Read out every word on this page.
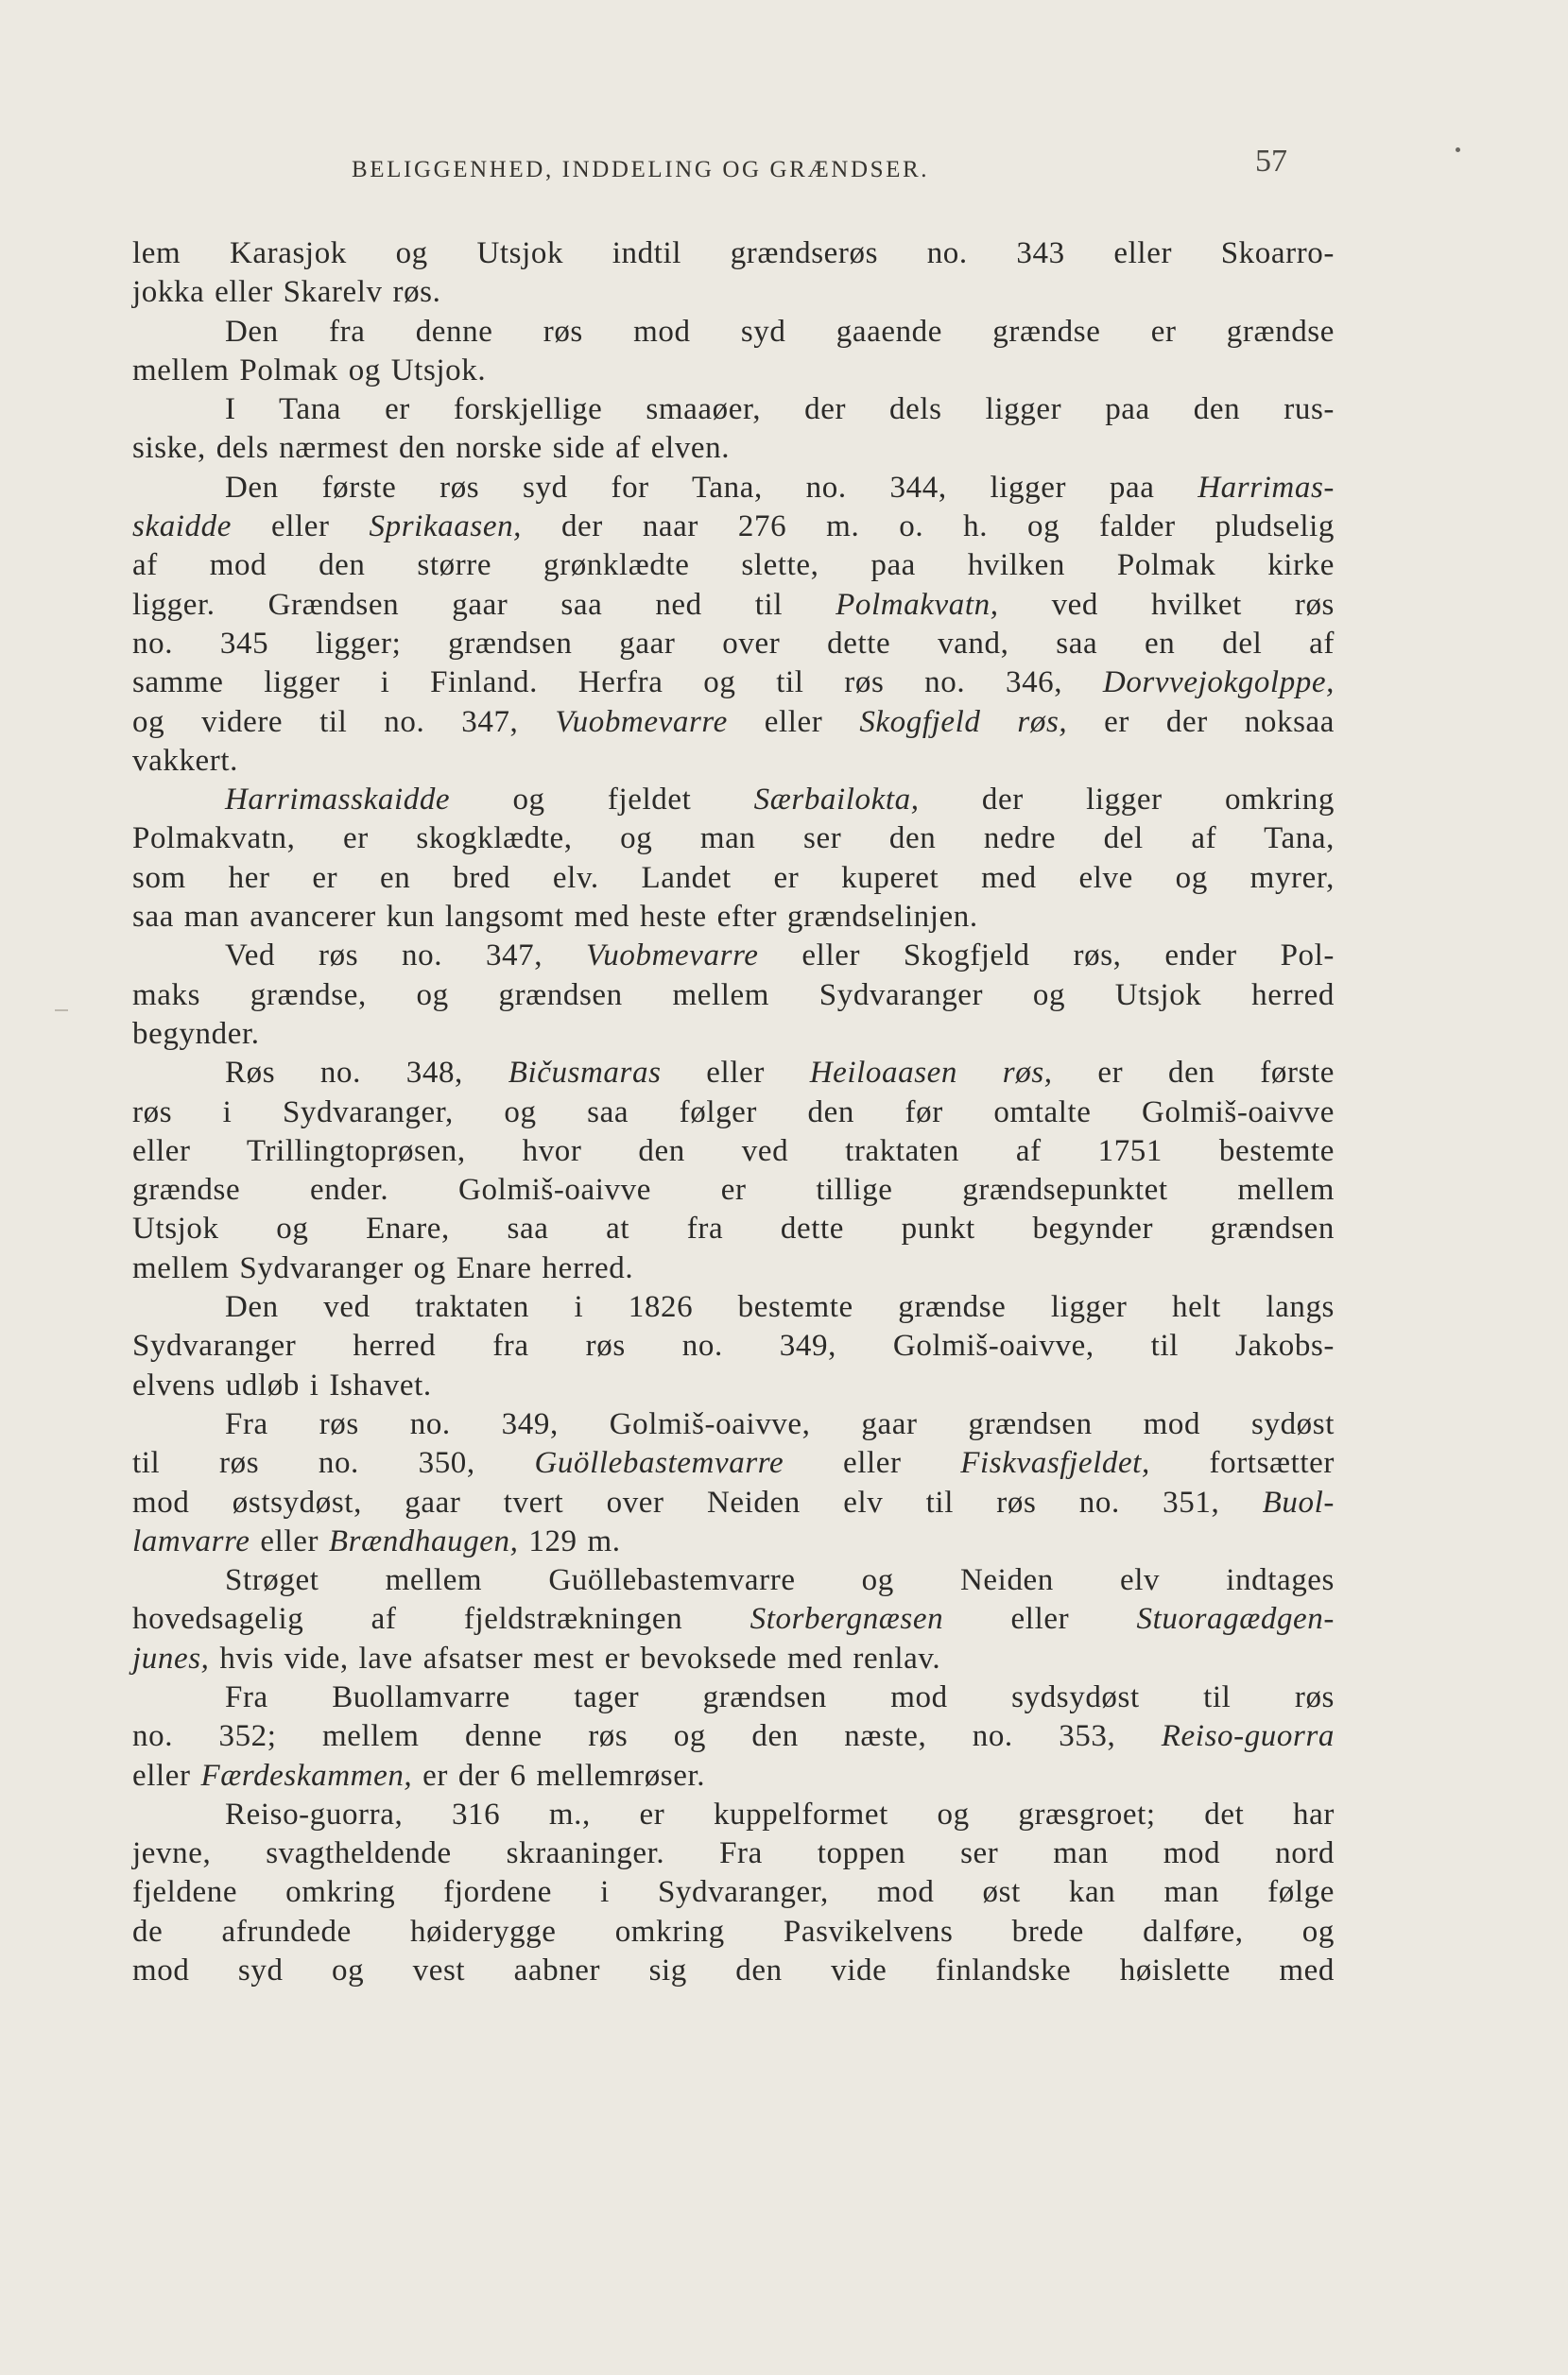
BELIGGENHED, INDDELING OG GRÆNDSER.	57
lem Karasjok og Utsjok indtil grændserøs no. 343 eller Skoarro-
jokka eller Skarelv røs.
Den fra denne røs mod syd gaaende grændse er grændse
mellem Polmak og Utsjok.
I Tana er forskjellige smaaøer, der dels ligger paa den rus-
siske, dels nærmest den norske side af elven.
Den første røs syd for Tana, no. 344, ligger paa Harrimas-
skaidde eller Sprikaasen, der naar 276 m. o. h. og falder pludselig
af mod den større grønklædte slette, paa hvilken Polmak kirke
ligger. Grændsen gaar saa ned til Polmakvatn, ved hvilket røs
no. 345 ligger; grændsen gaar over dette vand, saa en del af
samme ligger i Finland. Herfra og til røs no. 346, Dorvvejokgolppe,
og videre til no. 347, Vuobmevarre eller Skogfjeld røs, er der noksaa
vakkert.
Harrimasskaidde og fjeldet Særbailokta, der ligger omkring
Polmakvatn, er skogklædte, og man ser den nedre del af Tana,
som her er en bred elv. Landet er kuperet med elve og myrer,
saa man avancerer kun langsomt med heste efter grændselinjen.
Ved røs no. 347, Vuobmevarre eller Skogfjeld røs, ender Pol-
maks grændse, og grændsen mellem Sydvaranger og Utsjok herred
begynder.
Røs no. 348, Bičusmaras eller Heiloaasen røs, er den første
røs i Sydvaranger, og saa følger den før omtalte Golmiš-oaivve
eller Trillingtoprøsen, hvor den ved traktaten af 1751 bestemte
grændse ender. Golmiš-oaivve er tillige grændsepunktet mellem
Utsjok og Enare, saa at fra dette punkt begynder grændsen
mellem Sydvaranger og Enare herred.
Den ved traktaten i 1826 bestemte grændse ligger helt langs
Sydvaranger herred fra røs no. 349, Golmiš-oaivve, til Jakobs-
elvens udløb i Ishavet.
Fra røs no. 349, Golmiš-oaivve, gaar grændsen mod sydøst
til røs no. 350, Guöllebastemvarre eller Fiskvasfjeldet, fortsætter
mod østsydøst, gaar tvert over Neiden elv til røs no. 351, Buol-
lamvarre eller Brændhaugen, 129 m.
Strøget mellem Guöllebastemvarre og Neiden elv indtages
hovedsagelig af fjeldstrækningen Storbergnæsen eller Stuoragædgen-
junes, hvis vide, lave afsatser mest er bevoksede med renlav.
Fra Buollamvarre tager grændsen mod sydsydøst til røs
no. 352; mellem denne røs og den næste, no. 353, Reiso-guorra
eller Færdeskammen, er der 6 mellemrøser.
Reiso-guorra, 316 m., er kuppelformet og græsgroet; det har
jevne, svagtheldende skraaninger. Fra toppen ser man mod nord
fjeldene omkring fjordene i Sydvaranger, mod øst kan man følge
de afrundede høiderygge omkring Pasvikelvens brede dalføre, og
mod syd og vest aabner sig den vide finlandske høislette med
